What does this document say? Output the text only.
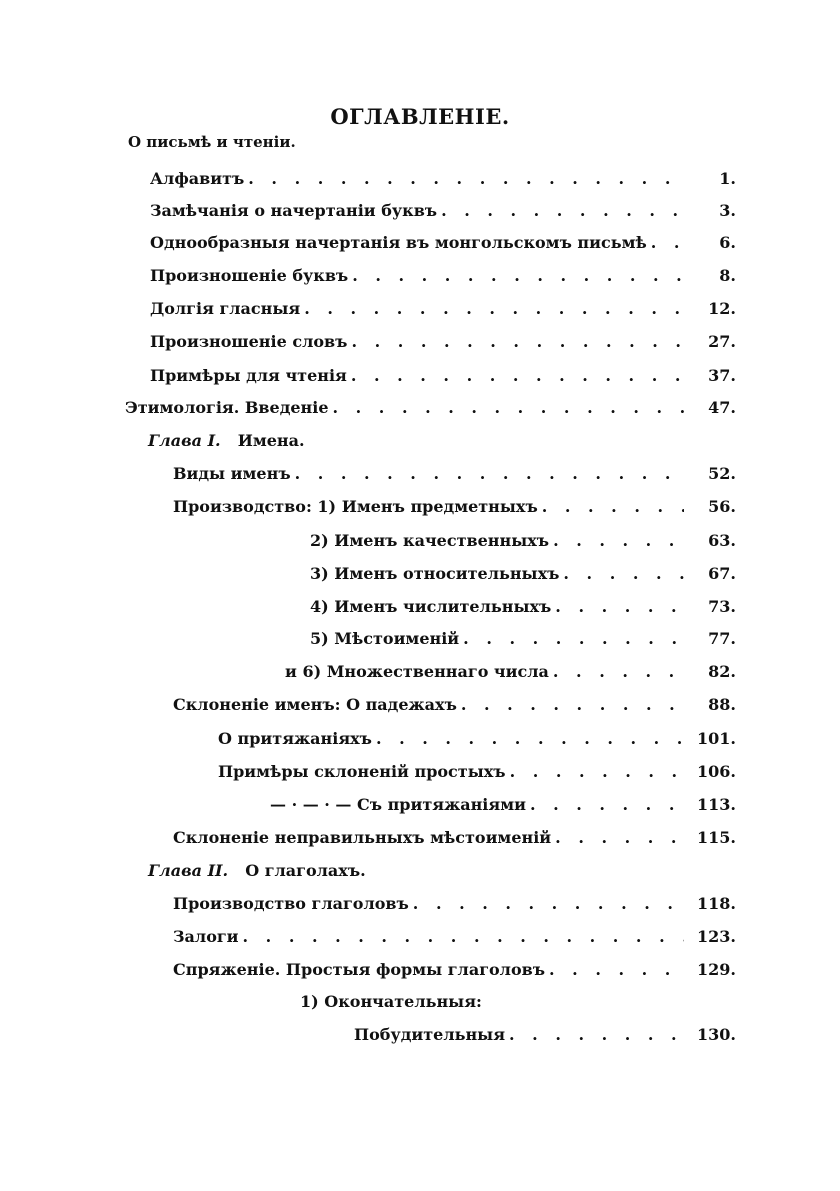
ОГЛАВЛЕНІЕ.
О письмѣ и чтеніи.
Алфавитъ . . .	1.
Замѣчанія о начертаніи буквъ . . .	3.
Однообразныя начертанія въ монгольскомъ письмѣ . . .	6.
Произношеніе буквъ . . .	8.
Долгія гласныя . . .	12.
Произношеніе словъ . . .	27.
Примѣры для чтенія . . .	37.
Этимологія. Введеніе . . .	47.
Глава І. Имена.
Виды именъ . . .	52.
Производство: 1) Именъ предметныхъ . . .	56.
2) Именъ качественныхъ . . .	63.
3) Именъ относительныхъ . . .	67.
4) Именъ числительныхъ . . .	73.
5) Мѣстоименій . . .	77.
и 6) Множественнаго числа . . .	82.
Склоненіе именъ: О падежахъ . . .	88.
О притяжаніяхъ . . .	101.
Примѣры склоненій простыхъ . . .	106.
— · — · — Съ притяжаніями . . .	113.
Склоненіе неправильныхъ мѣстоименій . . .	115.
Глава ІІ. О глаголахъ.
Производство глаголовъ . . .	118.
Залоги . . .	123.
Спряженіе. Простыя формы глаголовъ . . .	129.
1) Окончательныя:
Побудительныя . . .	130.
